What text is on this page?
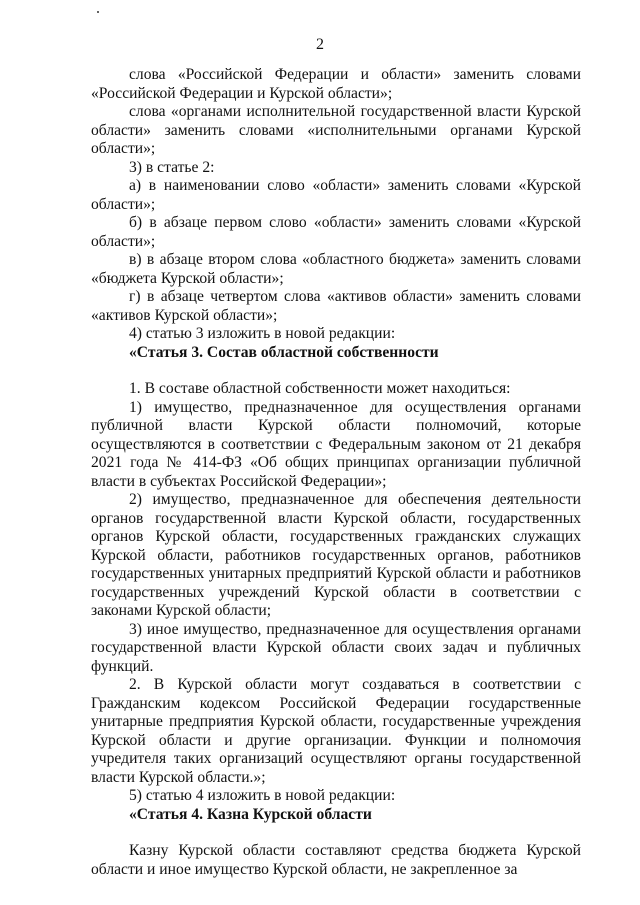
2

слова «Российской Федерации и области» заменить словами «Российской Федерации и Курской области»;

слова «органами исполнительной государственной власти Курской области» заменить словами «исполнительными органами Курской области»;

3) в статье 2:

а) в наименовании слово «области» заменить словами «Курской области»;

б) в абзаце первом слово «области» заменить словами «Курской области»;

в) в абзаце втором слова «областного бюджета» заменить словами «бюджета Курской области»;

г) в абзаце четвертом слова «активов области» заменить словами «активов Курской области»;

4) статью 3 изложить в новой редакции:

«Статья 3. Состав областной собственности

1. В составе областной собственности может находиться:

1) имущество, предназначенное для осуществления органами публичной власти Курской области полномочий, которые осуществляются в соответствии с Федеральным законом от 21 декабря 2021 года № 414-ФЗ «Об общих принципах организации публичной власти в субъектах Российской Федерации»;

2) имущество, предназначенное для обеспечения деятельности органов государственной власти Курской области, государственных органов Курской области, государственных гражданских служащих Курской области, работников государственных органов, работников государственных унитарных предприятий Курской области и работников государственных учреждений Курской области в соответствии с законами Курской области;

3) иное имущество, предназначенное для осуществления органами государственной власти Курской области своих задач и публичных функций.

2. В Курской области могут создаваться в соответствии с Гражданским кодексом Российской Федерации государственные унитарные предприятия Курской области, государственные учреждения Курской области и другие организации. Функции и полномочия учредителя таких организаций осуществляют органы государственной власти Курской области.»;

5) статью 4 изложить в новой редакции:

«Статья 4. Казна Курской области

Казну Курской области составляют средства бюджета Курской области и иное имущество Курской области, не закрепленное за
